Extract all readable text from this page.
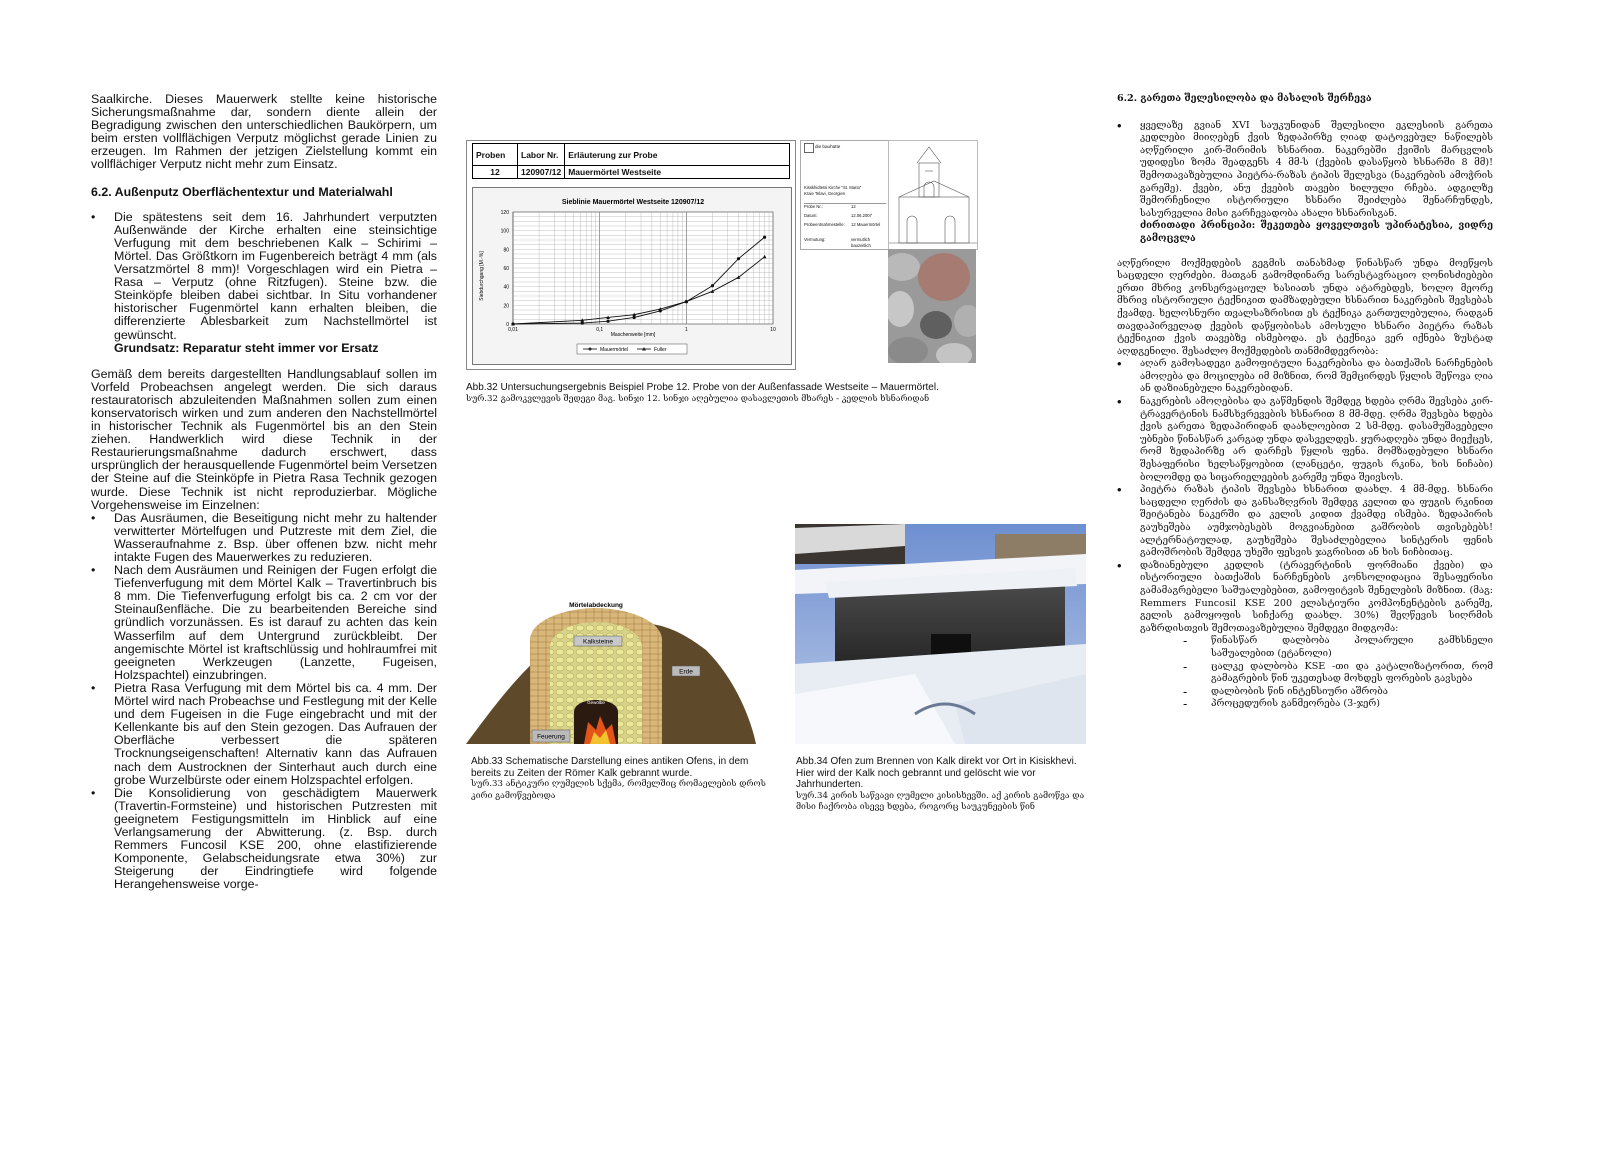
Saalkirche. Dieses Mauerwerk stellte keine historische Sicherungsmaßnahme dar, sondern diente allein der Begradigung zwischen den unterschiedlichen Baukörpern, um beim ersten vollflächigen Verputz möglichst gerade Linien zu erzeugen. Im Rahmen der jetzigen Zielstellung kommt ein vollflächiger Verputz nicht mehr zum Einsatz.

6.2. Außenputz Oberflächentextur und Materialwahl
• Die spätestens seit dem 16. Jahrhundert verputzten Außenwände der Kirche erhalten eine steinsichtige Verfugung mit dem beschriebenen Kalk – Schirimi – Mörtel. Das Größtkorn im Fugenbereich beträgt 4 mm (als Versatzmörtel 8 mm)! Vorgeschlagen wird ein Pietra – Rasa – Verputz (ohne Ritzfugen). Steine bzw. die Steinköpfe bleiben dabei sichtbar. In Situ vorhandener historischer Fugenmörtel kann erhalten bleiben, die differenzierte Ablesbarkeit zum Nachstellmörtel ist gewünscht.
Grundsatz: Reparatur steht immer vor Ersatz

Gemäß dem bereits dargestellten Handlungsablauf sollen im Vorfeld Probeachsen angelegt werden. Die sich daraus restauratorisch abzuleitenden Maßnahmen sollen zum einen konservatorisch wirken und zum anderen den Nachstellmörtel in historischer Technik als Fugenmörtel bis an den Stein ziehen. Handwerklich wird diese Technik in der Restaurierungsmaßnahme dadurch erschwert, dass ursprünglich der herausquellende Fugenmörtel beim Versetzen der Steine auf die Steinköpfe in Pietra Rasa Technik gezogen wurde. Diese Technik ist nicht reproduzierbar. Mögliche Vorgehensweise im Einzelnen:

• Das Ausräumen, die Beseitigung nicht mehr zu haltender verwitterter Mörtelfugen und Putzreste mit dem Ziel, die Wasseraufnahme z. Bsp. über offenen bzw. nicht mehr intakte Fugen des Mauerwerkes zu reduzieren.
• Nach dem Ausräumen und Reinigen der Fugen erfolgt die Tiefenverfugung mit dem Mörtel Kalk – Travertinbruch bis 8 mm. Die Tiefenverfugung erfolgt bis ca. 2 cm vor der Steinaußenfläche. Die zu bearbeitenden Bereiche sind gründlich vorzunässen. Es ist darauf zu achten das kein Wasserfilm auf dem Untergrund zurückbleibt. Der angemischte Mörtel ist kraftschlüssig und hohlraumfrei mit geeigneten Werkzeugen (Lanzette, Fugeisen, Holzspachtel) einzubringen.
• Pietra Rasa Verfugung mit dem Mörtel bis ca. 4 mm. Der Mörtel wird nach Probeachse und Festlegung mit der Kelle und dem Fugeisen in die Fuge eingebracht und mit der Kellenkante bis auf den Stein gezogen. Das Aufrauen der Oberfläche verbessert die späteren Trocknungseigenschaften! Alternativ kann das Aufrauen nach dem Austrocknen der Sinterhaut auch durch eine grobe Wurzelbürste oder einem Holzspachtel erfolgen.
• Die Konsolidierung von geschädigtem Mauerwerk (Travertin-Formsteine) und historischen Putzresten mit geeignetem Festigungsmitteln im Hinblick auf eine Verlangsamerung der Abwitterung. (z. Bsp. durch Remmers Funcosil KSE 200, ohne elastifizierende Komponente, Gelabscheidungsrate etwa 30%) zur Steigerung der Eindringtiefe wird folgende Herangehensweise vorge-
Proben	Labor Nr.	Erläuterung zur Probe
12	120907/12	Mauermörtel Westseite
Sieblinie Mauermörtel Westseite 120907/12
0
20
40
60
80
100
120
0,01	0,1	1	10
Maschenweite [mm]
Siebdurchgang [M.-%]
Mauermörtel	Fuller
die bauhütte
Kisskhidtetsi Kirche "St. Maria"
Kraie Telavi, Georgien
Probe Nr.:	12
Datum:	12.06.2007
Probeentnahmestelle: 12 Mauermörtel
Vermutung:	vermutlich bauzeitlich
Abb.32 Untersuchungsergebnis Beispiel Probe 12. Probe von der Außenfassade Westseite – Mauermörtel.
სურ.32 გამოკვლევის შედეგი მაგ. სინჯი 12. სინჯი აღებულია დასავლეთის მხარეს - კედლის ხსნარიდან
Kalksteine
Mörtelabdeckung
Gewölbe
Erde
Feuerung
Abb.33 Schematische Darstellung eines antiken Ofens, in dem bereits zu Zeiten der Römer Kalk gebrannt wurde.
სურ.33 ანტიკური ღუმელის სქემა, რომელშიც რომაელების დროს კირი გამოწვებოდა
Abb.34 Ofen zum Brennen von Kalk direkt vor Ort in Kisiskhevi. Hier wird der Kalk noch gebrannt und gelöscht wie vor Jahrhunderten.
სურ.34 კირის საწვავი ღუმელი კისისხევში. აქ კირის გამოწვა და მისი ჩაქრობა ისევე ხდება, როგორც საუკუნეების წინ
6.2. გარეთა შელესილობა და მასალის შერჩევა
• ყველაზე გვიან XVI საუკუნიდან შელესილი ეკლესიის გარეთა კედლები მიიღებენ ქვის ზედაპირზე ღიად დატოვებულ ნაწილებს აღწერილი კირ-შირიმის ხსნარით. ნაკერებში ქვიშის მარცვლის უდიდესი ზომა შეადგენს 4 მმ-ს (ქვების დასაწყობ ხსნარში 8 მმ)! შემოთავაზებულია პიეტრა-რაზას ტიპის შელესვა (ნაკერების ამოჭრის გარეშე). ქვები, ანუ ქვების თავები ხილული რჩება. ადგილზე შემორჩენილი ისტორიული ხსნარი შეიძლება შენარჩუნდეს, სასურველია მისი გარჩევადობა ახალი ხსნარისგან.
ძირითადი პრინციპი: შეკეთება ყოველთვის უპირატესია, ვიდრე გამოცვლა

აღწერილი მოქმედების გეგმის თანახმად წინასწარ უნდა მოეწყოს საცდელი ღერძები. მათგან გამომდინარე სარესტავრაციო ღონისძიებები ერთი მხრივ კონსერვაციულ ხასიათს უნდა ატარებდეს, ხოლო მეორე მხრივ ისტორიული ტექნიკით დამზადებული ხსნარით ნაკერების შევსებას ქვამდე. ხელოსნური თვალსაზრისით ეს ტექნიკა გართულებულია, რადგან თავდაპირველად ქვების დაწყობისას ამოსული ხსნარი პიეტრა რაზას ტექნიკით ქვის თავებზე ისმებოდა. ეს ტექნიკა ვერ იქნება ზუსტად აღდგენილი. შესაძლო მოქმედების თანმიმდევრობა:

• აღარ გამოსადეგი გამოფიტული ნაკერებისა და ბათქაშის ნარჩენების ამოღება და მოცილება იმ მიზნით, რომ შემცირდეს წყლის შეწოვა ღია ან დაზიანებული ნაკერებიდან.
• ნაკერების ამოღებისა და გაწმენდის შემდეგ ხდება ღრმა შევსება კირ-ტრავერტინის ნამსხვრევების ხსნარით 8 მმ-მდე. ღრმა შევსება ხდება ქვის გარეთა ზედაპირიდან დაახლოებით 2 სმ-მდე. დასამუშავებელი უბნები წინასწარ კარგად უნდა დასველდეს. ყურადღება უნდა მიექცეს, რომ ზედაპირზე არ დარჩეს წყლის ფენა. მომზადებული ხსნარი შესაფერისი ხელსაწყოებით (ლანცეტი, ფუგის რკინა, ხის ნიჩაბი) ბოლომდე და სიცარიელეების გარეშე უნდა შეივსოს.
• პიეტრა რაზას ტიპის შევსება ხსნარით დაახლ. 4 მმ-მდე. ხსნარი საცდელი ღერძის და განსაზღვრის შემდეგ კელით და ფუგის რკინით შეიტანება ნაკერში და კელის კიდით ქვამდე ისმება. ზედაპირის გაუხეშება აუმჯობესებს მოგვიანებით გაშრობის თვისებებს! ალტერნატიულად, გაუხეშება შესაძლებელია სინტერის ფენის გამოშრობის შემდეგ უხეში ფესვის ჯაგრისით ან ხის ნიჩბითაც.
• დაზიანებული კედლის (ტრავერტინის ფორმიანი ქვები) და ისტორიული ბათქაშის ნარჩენების კონსოლიდაცია შესაფერისი გამამაგრებელი საშუალებებით, გამოფიტვის შენელების მიზნით. (მაგ: Remmers Funcosil KSE 200 ელასტიური კომპონენტების გარეშე, გელის გამოყოფის სიჩქარე დაახლ. 30%) შეღწევის სიღრმის გაზრდისთვის შემოთავაზებულია შემდეგი მიდგომა:
- წინასწარ დალბობა პოლარული გამხსნელი საშუალებით (ეტანოლი)
- ცალკე დალბობა KSE -თი და კატალიზატორით, რომ გამაგრების წინ უკეთესად მოხდეს ფორების გავსება
- დალბობის წინ ინტენსიური აშრობა
- პროცედურის განმეორება (3-ჯერ)
